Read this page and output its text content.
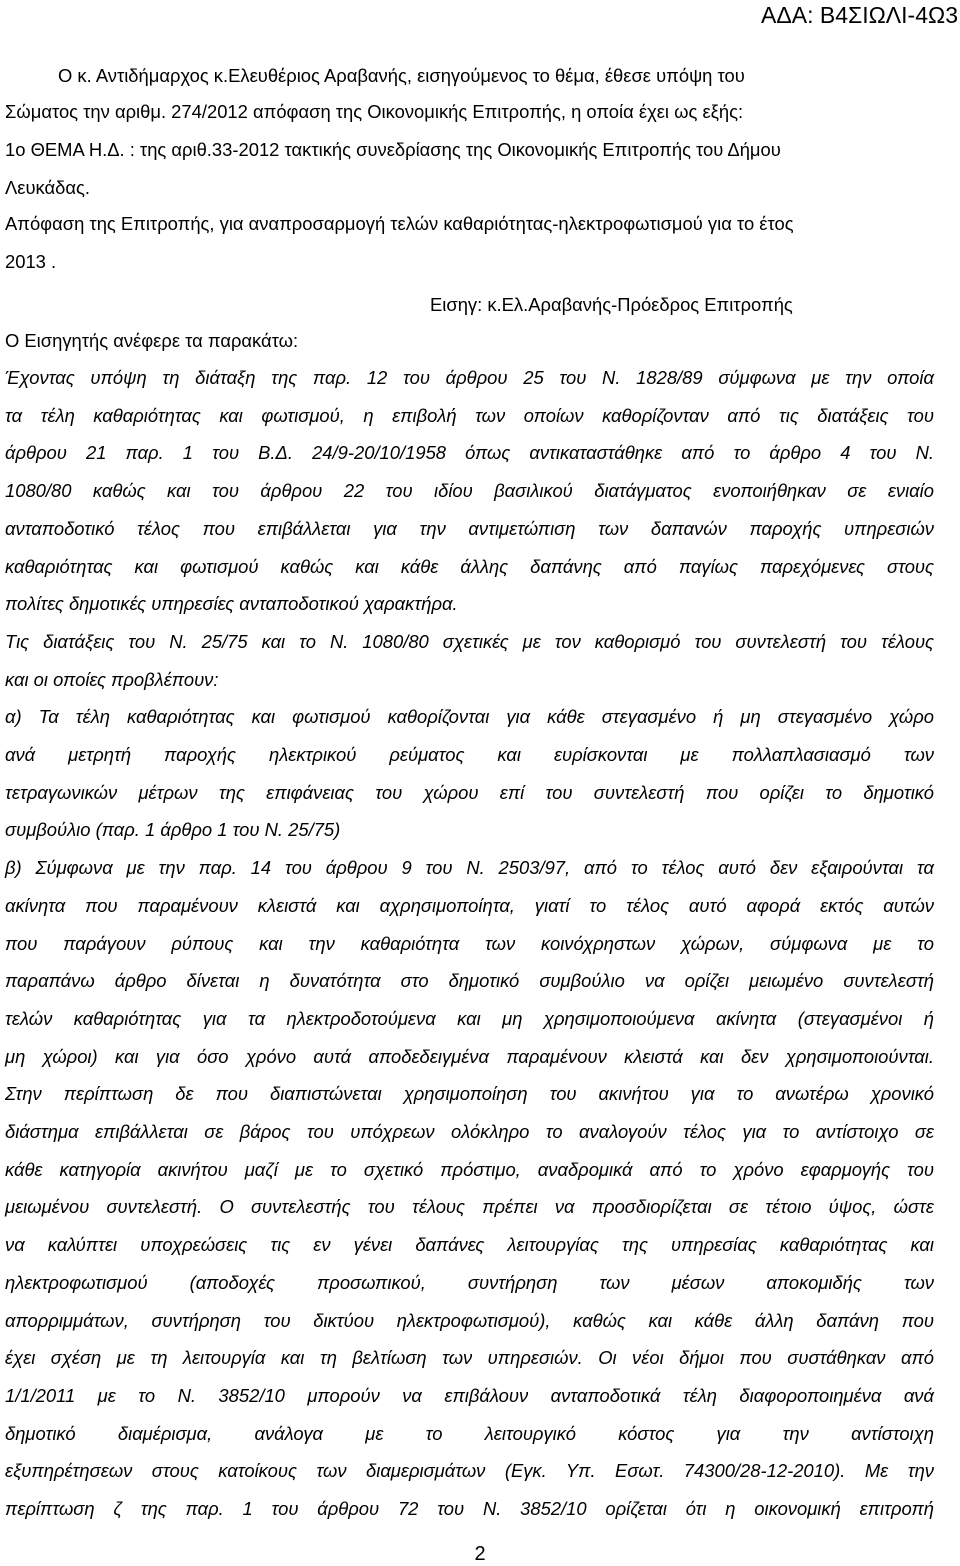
ΑΔΑ: Β4ΣΙΩΛΙ-4Ω3
Ο κ. Αντιδήμαρχος κ.Ελευθέριος Αραβανής, εισηγούμενος το θέμα, έθεσε υπόψη του
Σώματος την αριθμ. 274/2012 απόφαση της Οικονομικής Επιτροπής, η οποία έχει ως εξής:
1ο ΘΕΜΑ Η.Δ. : της αριθ.33-2012 τακτικής συνεδρίασης της Οικονομικής Επιτροπής του Δήμου
Λευκάδας.
Απόφαση της Επιτροπής, για αναπροσαρμογή τελών καθαριότητας-ηλεκτροφωτισμού για το έτος
2013 .
Εισηγ: κ.Ελ.Αραβανής-Πρόεδρος Επιτροπής
Ο Εισηγητής ανέφερε τα παρακάτω:
Έχοντας υπόψη τη διάταξη της παρ. 12 του άρθρου 25 του Ν. 1828/89 σύμφωνα με την οποία
τα τέλη καθαριότητας και φωτισμού, η επιβολή των οποίων καθορίζονταν από τις διατάξεις του
άρθρου 21 παρ. 1 του Β.Δ. 24/9-20/10/1958 όπως αντικαταστάθηκε από το άρθρο 4 του Ν.
1080/80 καθώς και του άρθρου 22 του ιδίου βασιλικού διατάγματος ενοποιήθηκαν σε ενιαίο
ανταποδοτικό τέλος που επιβάλλεται για την αντιμετώπιση των δαπανών παροχής υπηρεσιών
καθαριότητας και φωτισμού καθώς και κάθε άλλης δαπάνης από παγίως παρεχόμενες στους
πολίτες δημοτικές υπηρεσίες ανταποδοτικού χαρακτήρα.
Τις διατάξεις του Ν. 25/75 και το Ν. 1080/80 σχετικές με τον καθορισμό του συντελεστή του τέλους
και οι οποίες προβλέπουν:
α) Τα τέλη καθαριότητας και φωτισμού καθορίζονται για κάθε στεγασμένο ή μη στεγασμένο χώρο
ανά μετρητή παροχής ηλεκτρικού ρεύματος και ευρίσκονται με πολλαπλασιασμό των
τετραγωνικών μέτρων της επιφάνειας του χώρου επί του συντελεστή που ορίζει το δημοτικό
συμβούλιο (παρ. 1 άρθρο 1 του Ν. 25/75)
β) Σύμφωνα με την παρ. 14 του άρθρου 9 του Ν. 2503/97, από το τέλος αυτό δεν εξαιρούνται τα
ακίνητα που παραμένουν κλειστά και αχρησιμοποίητα, γιατί το τέλος αυτό αφορά εκτός αυτών
που παράγουν ρύπους και την καθαριότητα των κοινόχρηστων χώρων, σύμφωνα με το
παραπάνω άρθρο δίνεται η δυνατότητα στο δημοτικό συμβούλιο να ορίζει μειωμένο συντελεστή
τελών καθαριότητας για τα ηλεκτροδοτούμενα και μη χρησιμοποιούμενα ακίνητα (στεγασμένοι ή
μη χώροι) και για όσο χρόνο αυτά αποδεδειγμένα παραμένουν κλειστά και δεν χρησιμοποιούνται.
Στην περίπτωση δε που διαπιστώνεται χρησιμοποίηση του ακινήτου για το ανωτέρω χρονικό
διάστημα επιβάλλεται σε βάρος του υπόχρεων ολόκληρο το αναλογούν τέλος για το αντίστοιχο σε
κάθε κατηγορία ακινήτου μαζί με το σχετικό πρόστιμο, αναδρομικά από το χρόνο εφαρμογής του
μειωμένου συντελεστή. Ο συντελεστής του τέλους πρέπει να προσδιορίζεται σε τέτοιο ύψος, ώστε
να καλύπτει υποχρεώσεις τις εν γένει δαπάνες λειτουργίας της υπηρεσίας καθαριότητας και
ηλεκτροφωτισμού (αποδοχές προσωπικού, συντήρηση των μέσων αποκομιδής των
απορριμμάτων, συντήρηση του δικτύου ηλεκτροφωτισμού), καθώς και κάθε άλλη δαπάνη που
έχει σχέση με τη λειτουργία και τη βελτίωση των υπηρεσιών. Οι νέοι δήμοι που συστάθηκαν από
1/1/2011 με το Ν. 3852/10 μπορούν να επιβάλουν ανταποδοτικά τέλη διαφοροποιημένα ανά
δημοτικό διαμέρισμα, ανάλογα με το λειτουργικό κόστος για την αντίστοιχη
εξυπηρέτησεων στους κατοίκους των διαμερισμάτων (Εγκ. Υπ. Εσωτ. 74300/28-12-2010). Με την
περίπτωση ζ της παρ. 1 του άρθρου 72 του Ν. 3852/10 ορίζεται ότι η οικονομική επιτροπή
2
